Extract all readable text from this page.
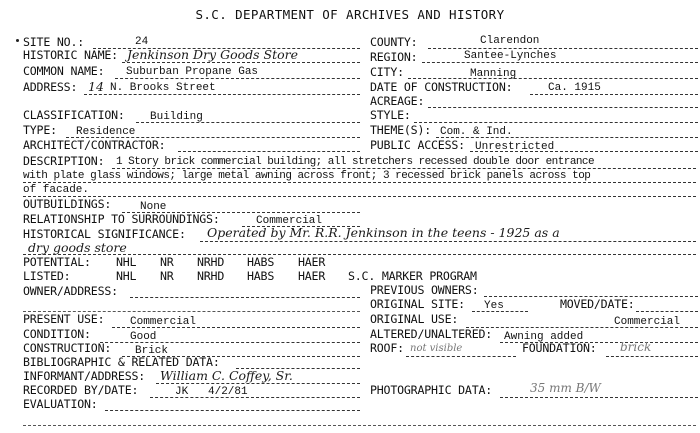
S.C. DEPARTMENT OF ARCHIVES AND HISTORY
SITE NO.:	24
HISTORIC NAME: Jenkinson Dry Goods Store
COMMON NAME: Suburban Propane Gas
ADDRESS: 14 N. Brooks Street
CLASSIFICATION: Building
TYPE: Residence
ARCHITECT/CONTRACTOR:
DESCRIPTION: 1 Story brick commercial building; all stretchers recessed double door entrance
with plate glass windows; large metal awning across front; 3 recessed brick panels across top
of facade.
OUTBUILDINGS:	None
RELATIONSHIP TO SURROUNDINGS:	Commercial
HISTORICAL SIGNIFICANCE: Operated by Mr. R.R. Jenkinson in the teens - 1925 as a
dry goods store
POTENTIAL: NHL NR NRHD HABS HAER
LISTED:	NHL NR NRHD HABS HAER S.C. MARKER PROGRAM
OWNER/ADDRESS:
PRESENT USE: Commercial
CONDITION:	Good
CONSTRUCTION: Brick
BIBLIOGRAPHIC & RELATED DATA:
INFORMANT/ADDRESS: William C. Coffey, Sr.
RECORDED BY/DATE:	JK 4/2/81
EVALUATION:
COUNTY:	Clarendon
REGION:	Santee-Lynches
CITY:	Manning
DATE OF CONSTRUCTION:	Ca. 1915
ACREAGE:
STYLE:
THEME(S): Com. & Ind.
PUBLIC ACCESS: Unrestricted
PREVIOUS OWNERS:
ORIGINAL SITE: Yes	MOVED/DATE:
ORIGINAL USE:	Commercial
ALTERED/UNALTERED: Awning added
ROOF: not visible	FOUNDATION: brick
PHOTOGRAPHIC DATA:	35 mm B/W
